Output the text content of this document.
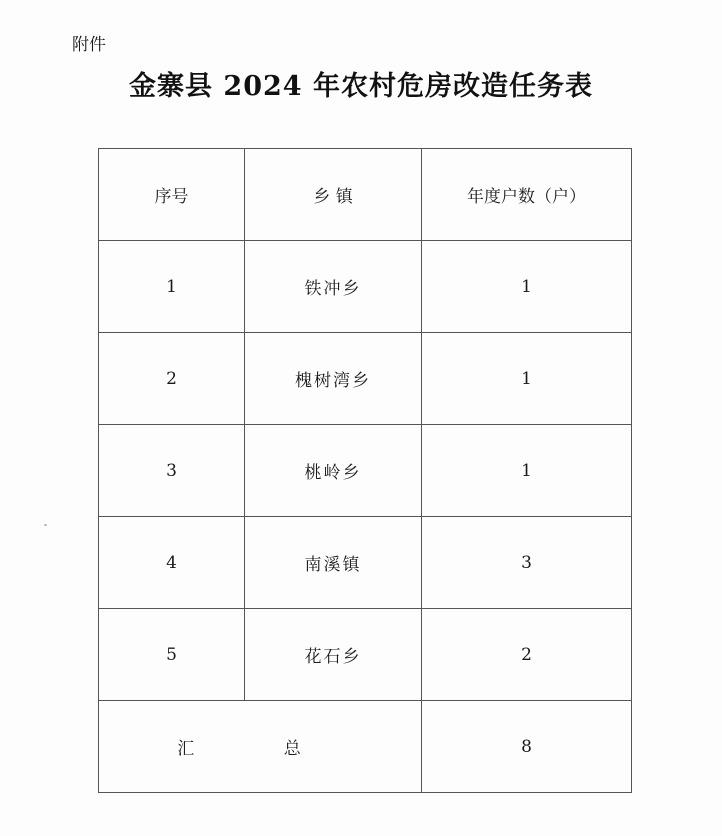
附件
金寨县 2024 年农村危房改造任务表
序号	乡 镇	年度户数（户）
1	铁冲乡	1
2	槐树湾乡	1
3	桃岭乡	1
4	南溪镇	3
5	花石乡	2
汇 总		8
